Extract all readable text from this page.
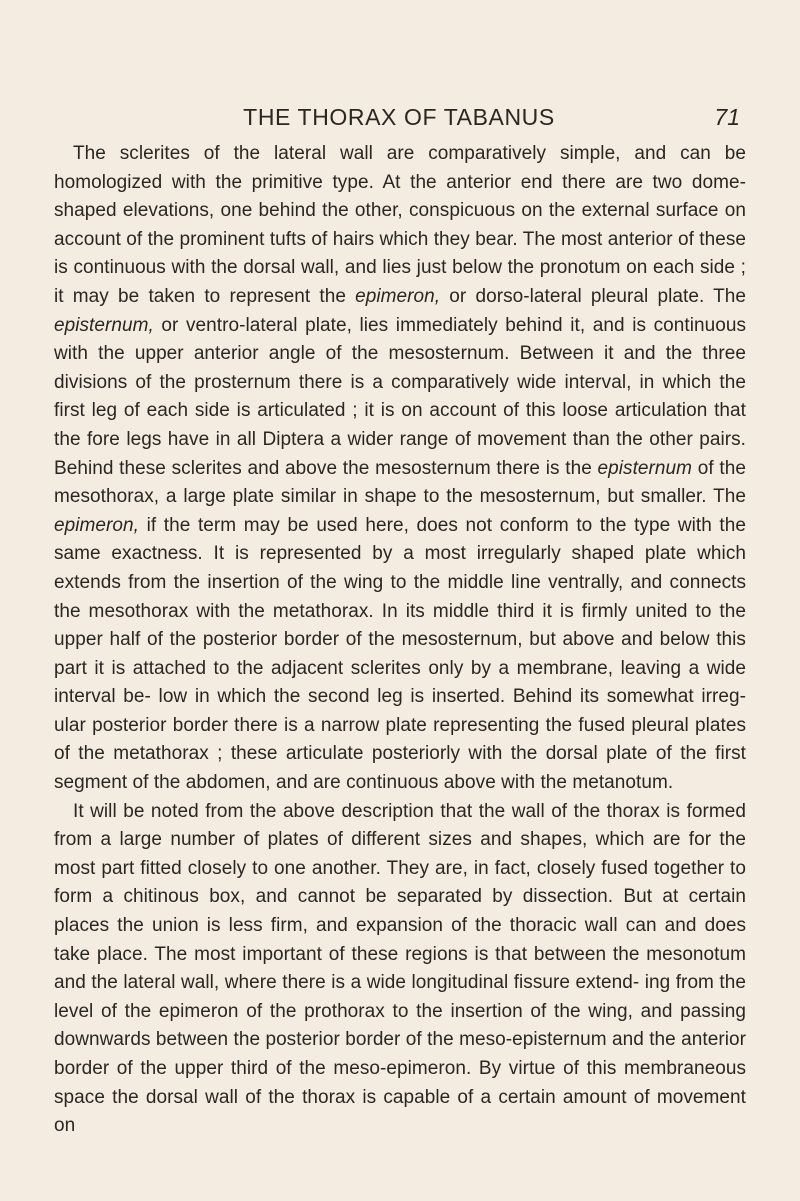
THE THORAX OF TABANUS	71

The sclerites of the lateral wall are comparatively simple, and can be homologized with the primitive type. At the anterior end there are two dome-shaped elevations, one behind the other, conspicuous on the external surface on account of the prominent tufts of hairs which they bear. The most anterior of these is continuous with the dorsal wall, and lies just below the pronotum on each side ; it may be taken to represent the epimeron, or dorso-lateral pleural plate. The episternum, or ventro-lateral plate, lies immediately behind it, and is continuous with the upper anterior angle of the mesosternum. Between it and the three divisions of the prosternum there is a comparatively wide interval, in which the first leg of each side is articulated ; it is on account of this loose articulation that the fore legs have in all Diptera a wider range of movement than the other pairs. Behind these sclerites and above the mesosternum there is the episternum of the mesothorax, a large plate similar in shape to the mesosternum, but smaller. The epimeron, if the term may be used here, does not conform to the type with the same exactness. It is represented by a most irregularly shaped plate which extends from the insertion of the wing to the middle line ventrally, and connects the mesothorax with the metathorax. In its middle third it is firmly united to the upper half of the posterior border of the mesosternum, but above and below this part it is attached to the adjacent sclerites only by a membrane, leaving a wide interval be- low in which the second leg is inserted. Behind its somewhat irreg- ular posterior border there is a narrow plate representing the fused pleural plates of the metathorax ; these articulate posteriorly with the dorsal plate of the first segment of the abdomen, and are continuous above with the metanotum.

It will be noted from the above description that the wall of the thorax is formed from a large number of plates of different sizes and shapes, which are for the most part fitted closely to one another. They are, in fact, closely fused together to form a chitinous box, and cannot be separated by dissection. But at certain places the union is less firm, and expansion of the thoracic wall can and does take place. The most important of these regions is that between the mesonotum and the lateral wall, where there is a wide longitudinal fissure extend- ing from the level of the epimeron of the prothorax to the insertion of the wing, and passing downwards between the posterior border of the meso-episternum and the anterior border of the upper third of the meso-epimeron. By virtue of this membraneous space the dorsal wall of the thorax is capable of a certain amount of movement on
